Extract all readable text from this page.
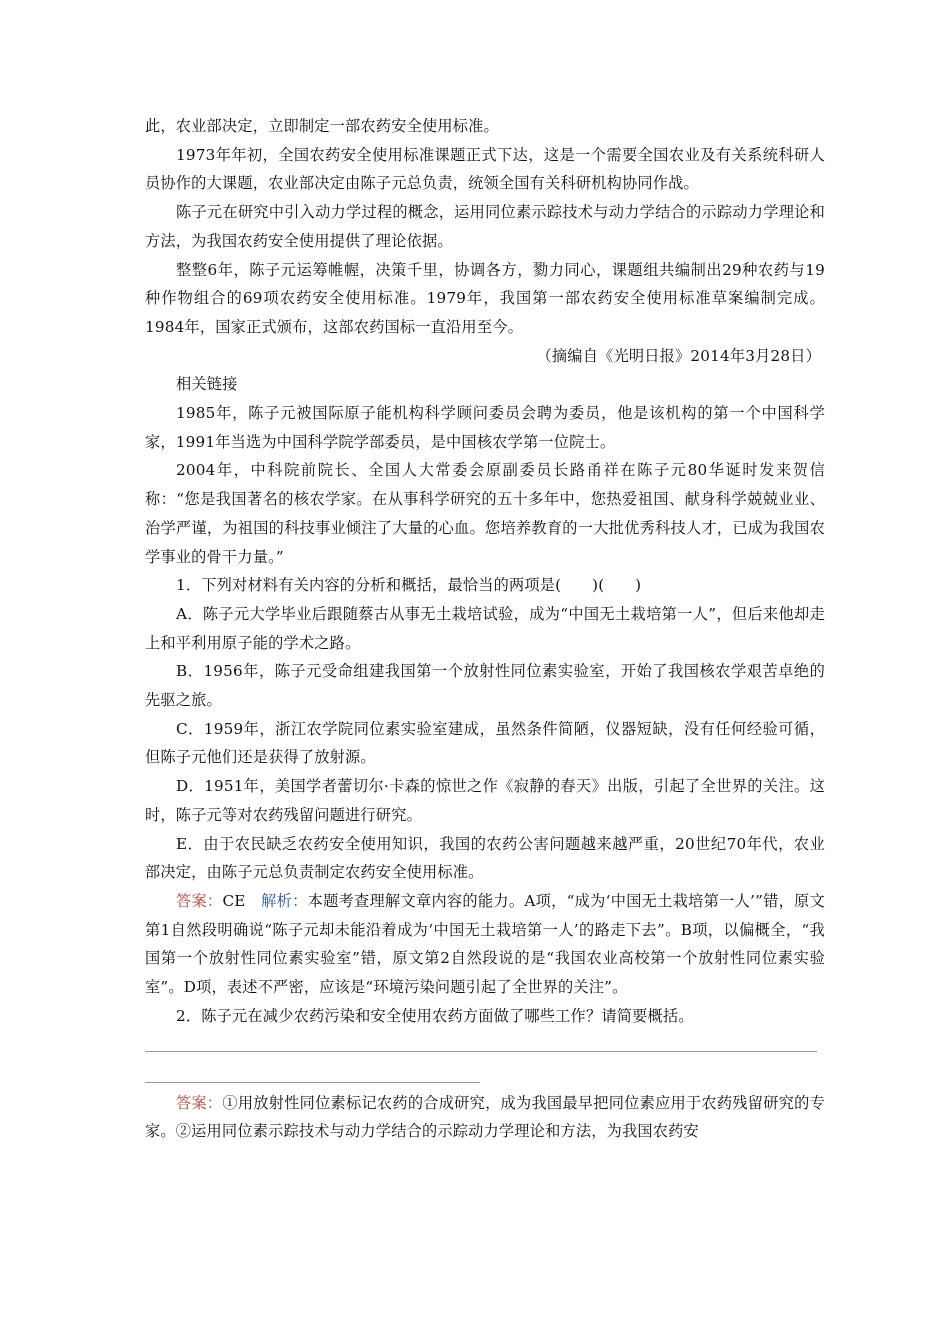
此，农业部决定，立即制定一部农药安全使用标准。

1973年年初，全国农药安全使用标准课题正式下达，这是一个需要全国农业及有关系统科研人员协作的大课题，农业部决定由陈子元总负责，统领全国有关科研机构协同作战。

陈子元在研究中引入动力学过程的概念，运用同位素示踪技术与动力学结合的示踪动力学理论和方法，为我国农药安全使用提供了理论依据。

整整6年，陈子元运筹帷幄，决策千里，协调各方，勠力同心，课题组共编制出29种农药与19种作物组合的69项农药安全使用标准。1979年，我国第一部农药安全使用标准草案编制完成。1984年，国家正式颁布，这部农药国标一直沿用至今。

（摘编自《光明日报》2014年3月28日）

相关链接

1985年，陈子元被国际原子能机构科学顾问委员会聘为委员，他是该机构的第一个中国科学家，1991年当选为中国科学院学部委员，是中国核农学第一位院士。

2004年，中科院前院长、全国人大常委会原副委员长路甬祥在陈子元80华诞时发来贺信称：“您是我国著名的核农学家。在从事科学研究的五十多年中，您热爱祖国、献身科学兢兢业业、治学严谨，为祖国的科技事业倾注了大量的心血。您培养教育的一大批优秀科技人才，已成为我国农学事业的骨干力量。”

1．下列对材料有关内容的分析和概括，最恰当的两项是(　　)(　　)

A．陈子元大学毕业后跟随蔡古从事无土栽培试验，成为“中国无土栽培第一人”，但后来他却走上和平利用原子能的学术之路。

B．1956年，陈子元受命组建我国第一个放射性同位素实验室，开始了我国核农学艰苦卓绝的先驱之旅。

C．1959年，浙江农学院同位素实验室建成，虽然条件简陋，仪器短缺，没有任何经验可循，但陈子元他们还是获得了放射源。

D．1951年，美国学者蕾切尔·卡森的惊世之作《寂静的春天》出版，引起了全世界的关注。这时，陈子元等对农药残留问题进行研究。

E．由于农民缺乏农药安全使用知识，我国的农药公害问题越来越严重，20世纪70年代，农业部决定，由陈子元总负责制定农药安全使用标准。

答案：CE　解析：本题考查理解文章内容的能力。A项，“成为‘中国无土栽培第一人’”错，原文第1自然段明确说“陈子元却未能沿着成为‘中国无土栽培第一人’的路走下去”。B项，以偏概全，“我国第一个放射性同位素实验室”错，原文第2自然段说的是“我国农业高校第一个放射性同位素实验室”。D项，表述不严密，应该是“环境污染问题引起了全世界的关注”。

2．陈子元在减少农药污染和安全使用农药方面做了哪些工作？请简要概括。

答案：①用放射性同位素标记农药的合成研究，成为我国最早把同位素应用于农药残留研究的专家。②运用同位素示踪技术与动力学结合的示踪动力学理论和方法，为我国农药安
